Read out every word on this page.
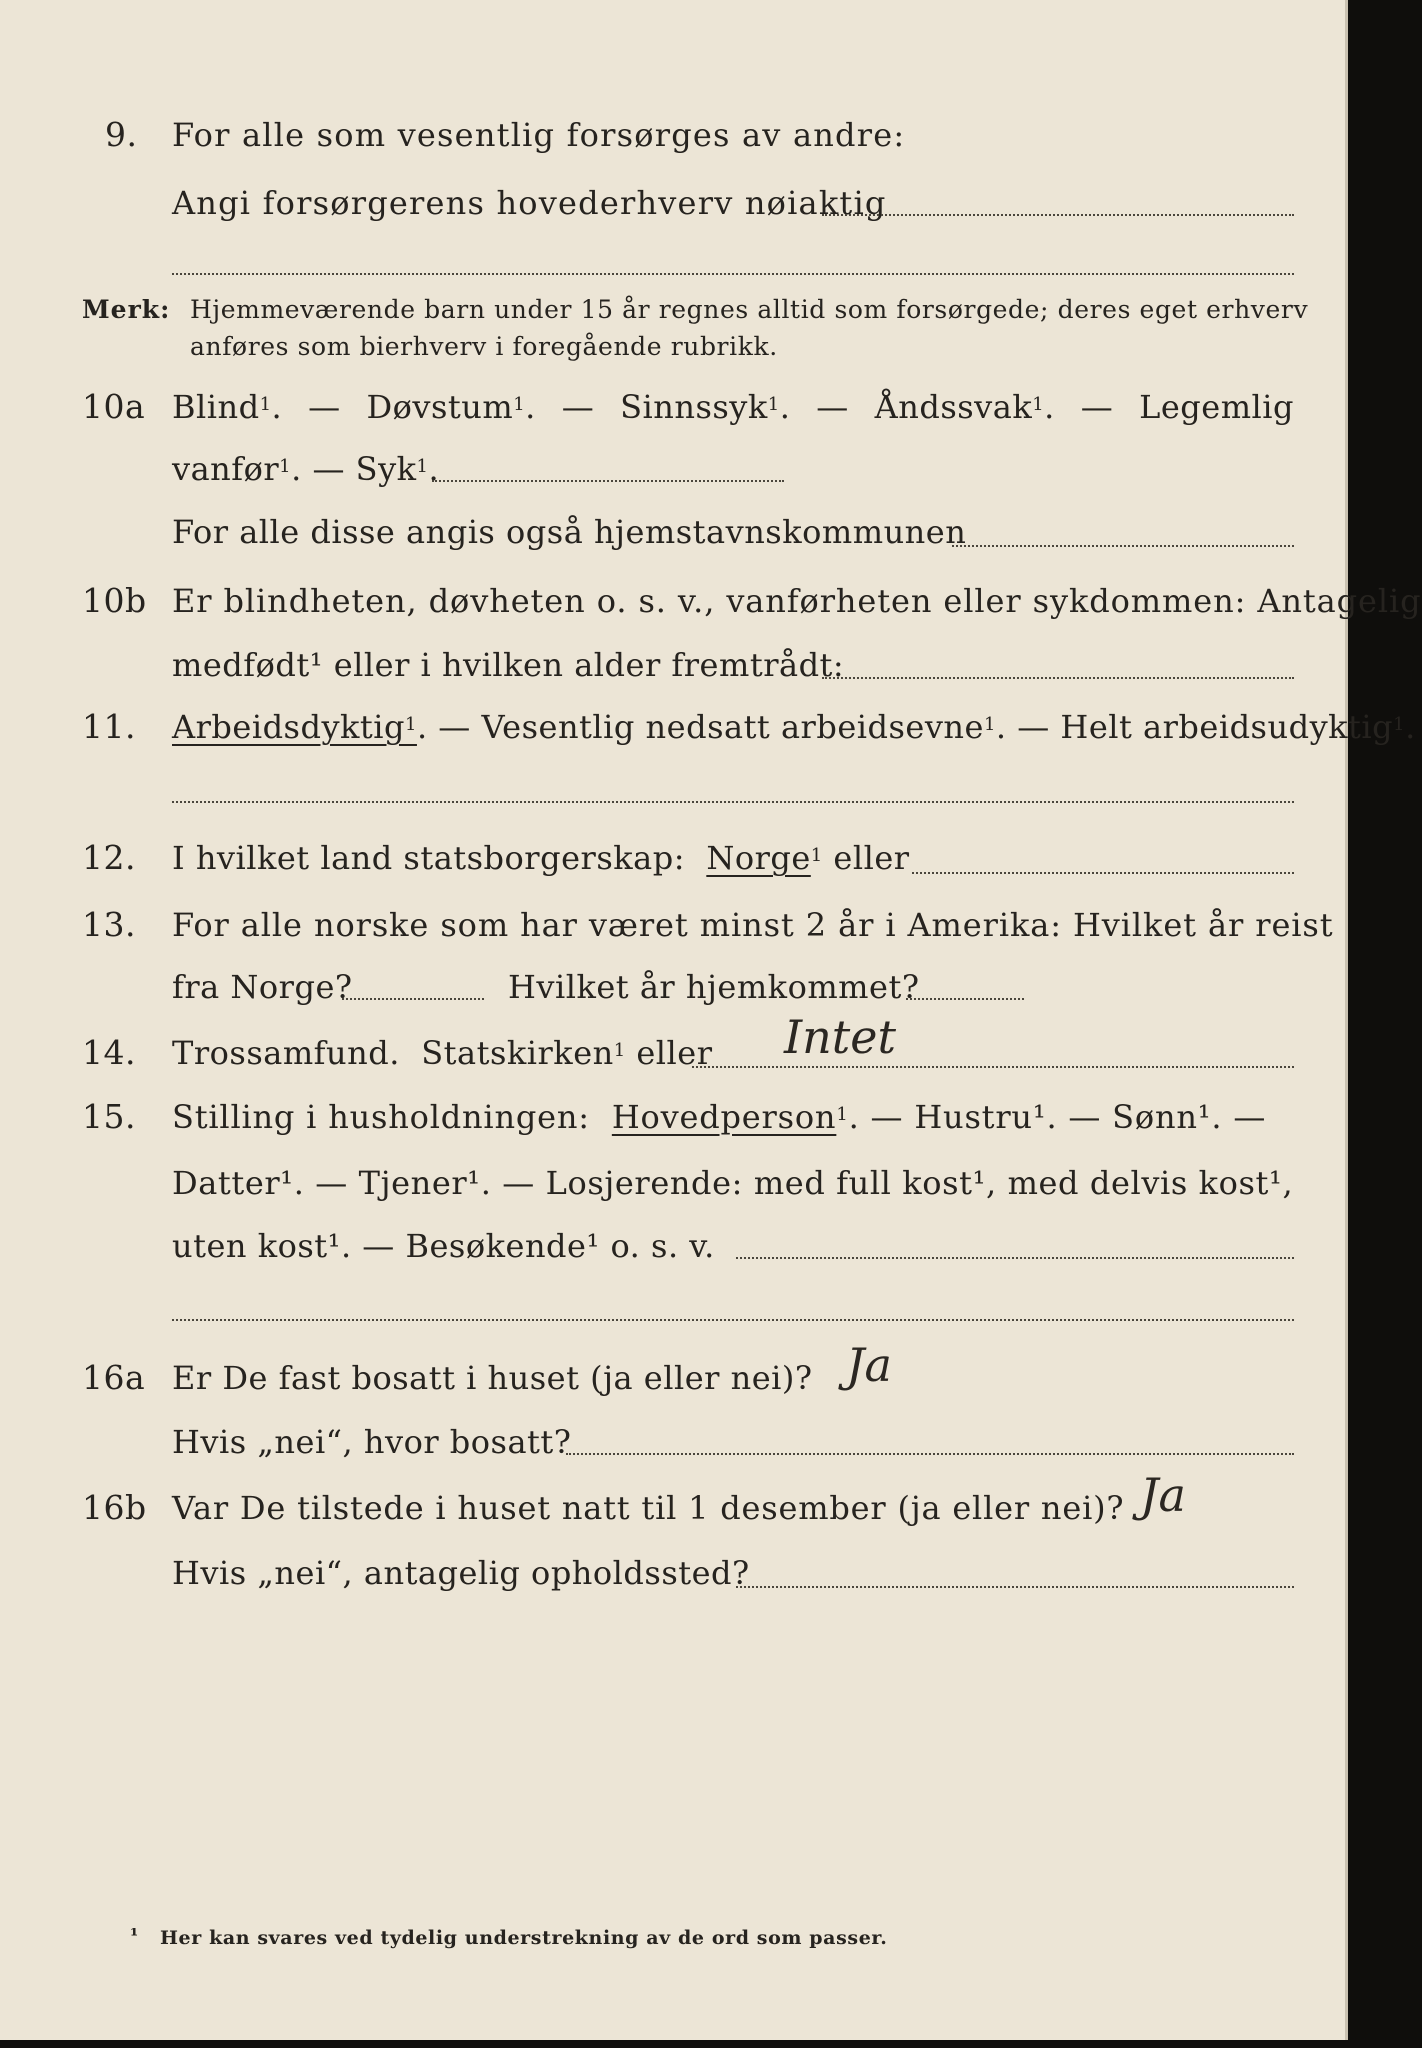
9. For alle som vesentlig forsørges av andre:
Angi forsørgerens hovederhverv nøiaktig
Merk: Hjemmeværende barn under 15 år regnes alltid som forsørgede; deres eget erhverv
anføres som bierhverv i foregående rubrikk.
10a Blind$^1$. — Døvstum$^1$. — Sinnssyk$^1$. — Åndssvak$^1$. — Legemlig
vanfør$^1$. — Syk$^1$.
For alle disse angis også hjemstavnskommunen
10b Er blindheten, døvheten o. s. v., vanførheten eller sykdommen: Antagelig
medfødt¹ eller i hvilken alder fremtrådt:
11. Arbeidsdyktig$^1$. — Vesentlig nedsatt arbeidsevne$^1$. — Helt arbeidsudyktig$^1$.
12. I hvilket land statsborgerskap: Norge$^1$ eller
13. For alle norske som har været minst 2 år i Amerika: Hvilket år reist
fra Norge?	Hvilket år hjemkommet?
14. Trossamfund. Statskirken$^1$ eller Intet
15. Stilling i husholdningen: Hovedperson$^1$. — Hustru¹. — Sønn¹. —
Datter¹. — Tjener¹. — Losjerende: med full kost¹, med delvis kost¹,
uten kost¹. — Besøkende¹ o. s. v.
16a Er De fast bosatt i huset (ja eller nei)? Ja
Hvis „nei“, hvor bosatt?
16b Var De tilstede i huset natt til 1 desember (ja eller nei)? Ja
Hvis „nei“, antagelig opholdssted?
¹ Her kan svares ved tydelig understrekning av de ord som passer.
